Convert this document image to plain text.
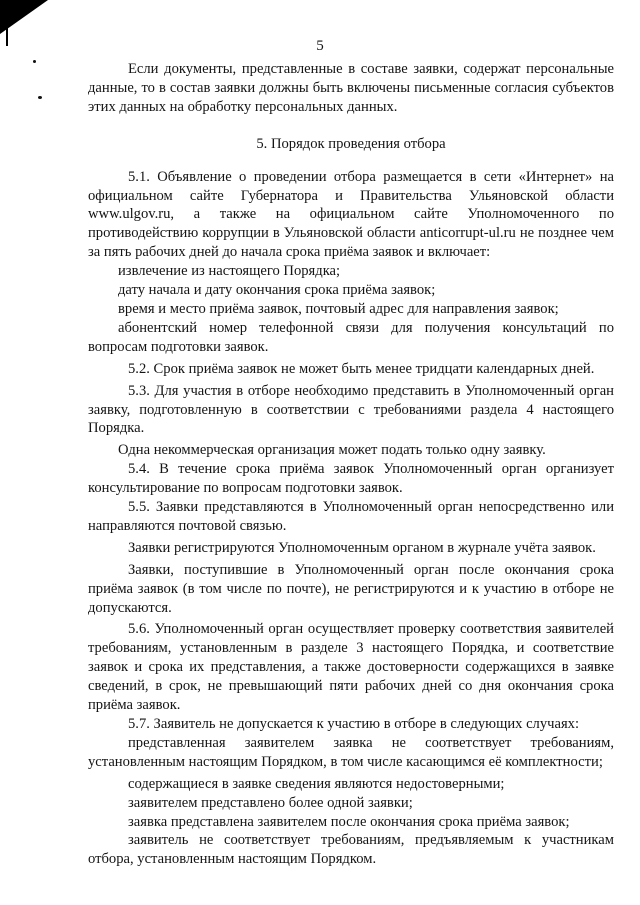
5

Если документы, представленные в составе заявки, содержат персональные данные, то в состав заявки должны быть включены письменные согласия субъектов этих данных на обработку персональных данных.

5. Порядок проведения отбора

5.1. Объявление о проведении отбора размещается в сети «Интернет» на официальном сайте Губернатора и Правительства Ульяновской области www.ulgov.ru, а также на официальном сайте Уполномоченного по противодействию коррупции в Ульяновской области anticorrupt-ul.ru не позднее чем за пять рабочих дней до начала срока приёма заявок и включает:

извлечение из настоящего Порядка;

дату начала и дату окончания срока приёма заявок;

время и место приёма заявок, почтовый адрес для направления заявок;

абонентский номер телефонной связи для получения консультаций по вопросам подготовки заявок.

5.2. Срок приёма заявок не может быть менее тридцати календарных дней.

5.3. Для участия в отборе необходимо представить в Уполномоченный орган заявку, подготовленную в соответствии с требованиями раздела 4 настоящего Порядка.

Одна некоммерческая организация может подать только одну заявку.

5.4. В течение срока приёма заявок Уполномоченный орган организует консультирование по вопросам подготовки заявок.

5.5. Заявки представляются в Уполномоченный орган непосредственно или направляются почтовой связью.

Заявки регистрируются Уполномоченным органом в журнале учёта заявок.

Заявки, поступившие в Уполномоченный орган после окончания срока приёма заявок (в том числе по почте), не регистрируются и к участию в отборе не допускаются.

5.6. Уполномоченный орган осуществляет проверку соответствия заявителей требованиям, установленным в разделе 3 настоящего Порядка, и соответствие заявок и срока их представления, а также достоверности содержащихся в заявке сведений, в срок, не превышающий пяти рабочих дней со дня окончания срока приёма заявок.

5.7. Заявитель не допускается к участию в отборе в следующих случаях:

представленная заявителем заявка не соответствует требованиям, установленным настоящим Порядком, в том числе касающимся её комплектности;

содержащиеся в заявке сведения являются недостоверными;

заявителем представлено более одной заявки;

заявка представлена заявителем после окончания срока приёма заявок;

заявитель не соответствует требованиям, предъявляемым к участникам отбора, установленным настоящим Порядком.
